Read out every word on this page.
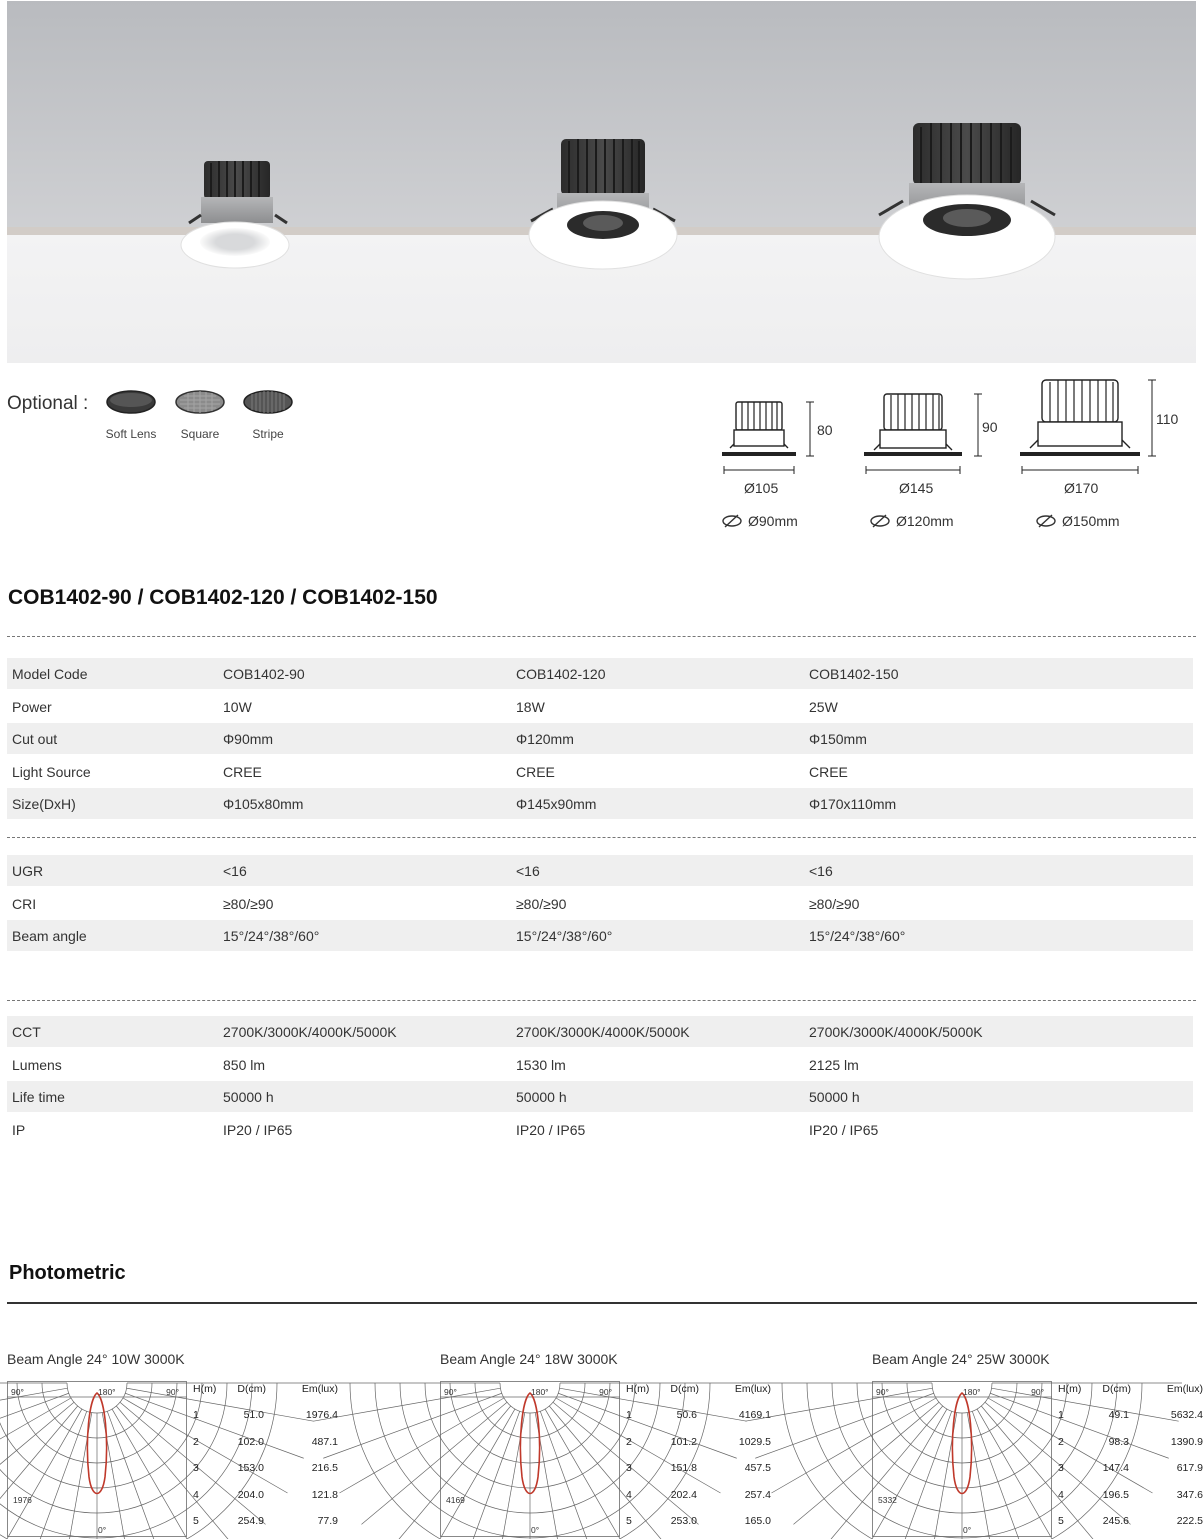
Optional :
Soft Lens	Square	Stripe	80
Ø105
Ø90mm
90
Ø145
Ø120mm
110
Ø170
Ø150mm
COB1402-90 / COB1402-120 / COB1402-150
Model Code	COB1402-90	COB1402-120	COB1402-150
Power	10W	18W	25W
Cut out	Φ90mm	Φ120mm	Φ150mm
Light Source	CREE	CREE	CREE
Size(DxH)	Φ105x80mm	Φ145x90mm	Φ170x110mm
UGR	<16	<16	<16
CRI	≥80/≥90	≥80/≥90	≥80/≥90
Beam angle	15°/24°/38°/60°	15°/24°/38°/60°	15°/24°/38°/60°
CCT	2700K/3000K/4000K/5000K	2700K/3000K/4000K/5000K	2700K/3000K/4000K/5000K
Lumens	850 lm	1530 lm	2125 lm
Life time	50000 h	50000 h	50000 h
IP	IP20 / IP65	IP20 / IP65	IP20 / IP65
Photometric
Beam Angle 24° 10W 3000K
90°	180°	90°
0°
1976
H(m) D(cm)	Em(lux)
1	51.0	1976.4
2	102.0	487.1
3	153.0	216.5
4	204.0	121.8
5	254.9	77.9
Beam Angle 24° 18W 3000K
90°	180°	90°
0°
4169
H(m) D(cm)	Em(lux)
1	50.6	4169.1
2	101.2	1029.5
3	151.8	457.5
4	202.4	257.4
5	253.0	165.0
Beam Angle 24° 25W 3000K
90°	180°	90°
0°
5332
H(m) D(cm)	Em(lux)
1	49.1	5632.4
2	98.3	1390.9
3	147.4	617.9
4	196.5	347.6
5	245.6	222.5
